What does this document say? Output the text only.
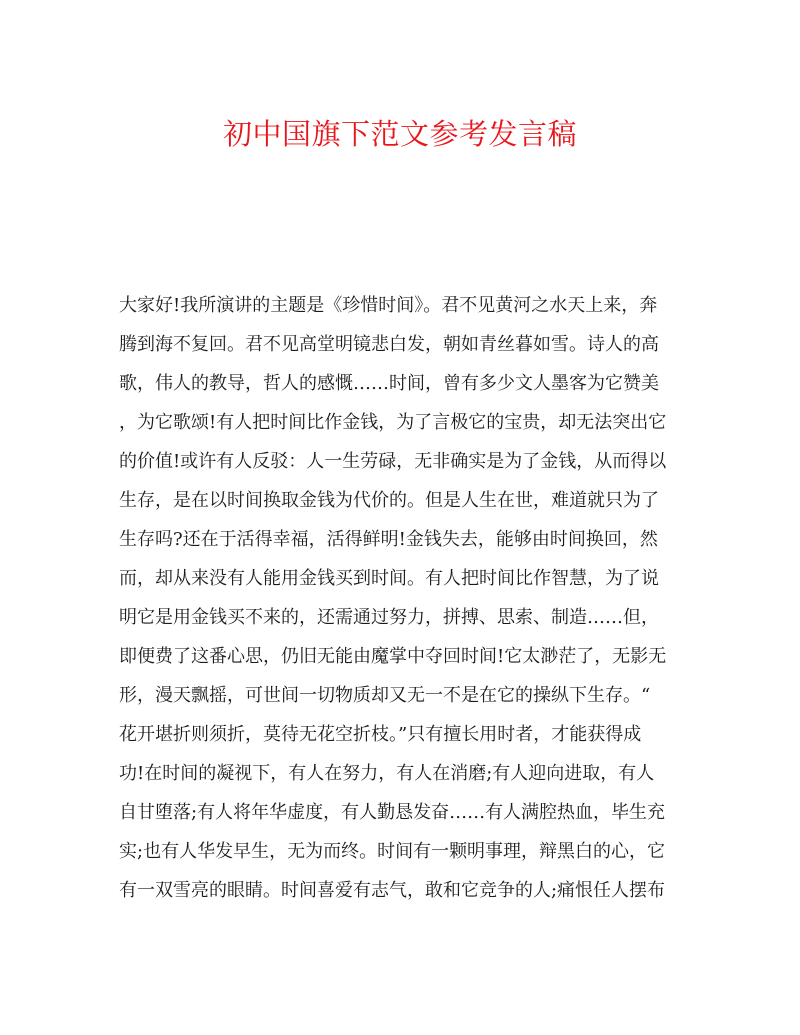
初中国旗下范文参考发言稿
大家好!我所演讲的主题是《珍惜时间》。君不见黄河之水天上来，奔
腾到海不复回。君不见高堂明镜悲白发，朝如青丝暮如雪。诗人的高
歌，伟人的教导，哲人的感慨……时间，曾有多少文人墨客为它赞美
，为它歌颂!有人把时间比作金钱，为了言极它的宝贵，却无法突出它
的价值!或许有人反驳：人一生劳碌，无非确实是为了金钱，从而得以
生存，是在以时间换取金钱为代价的。但是人生在世，难道就只为了
生存吗?还在于活得幸福，活得鲜明!金钱失去，能够由时间换回，然
而，却从来没有人能用金钱买到时间。有人把时间比作智慧，为了说
明它是用金钱买不来的，还需通过努力，拼搏、思索、制造……但，
即便费了这番心思，仍旧无能由魔掌中夺回时间!它太渺茫了，无影无
形，漫天飘摇，可世间一切物质却又无一不是在它的操纵下生存。“
花开堪折则须折，莫待无花空折枝。”只有擅长用时者，才能获得成
功!在时间的凝视下，有人在努力，有人在消磨;有人迎向进取，有人
自甘堕落;有人将年华虚度，有人勤恳发奋……有人满腔热血，毕生充
实;也有人华发早生，无为而终。时间有一颗明事理，辩黑白的心，它
有一双雪亮的眼睛。时间喜爱有志气，敢和它竞争的人;痛恨任人摆布
